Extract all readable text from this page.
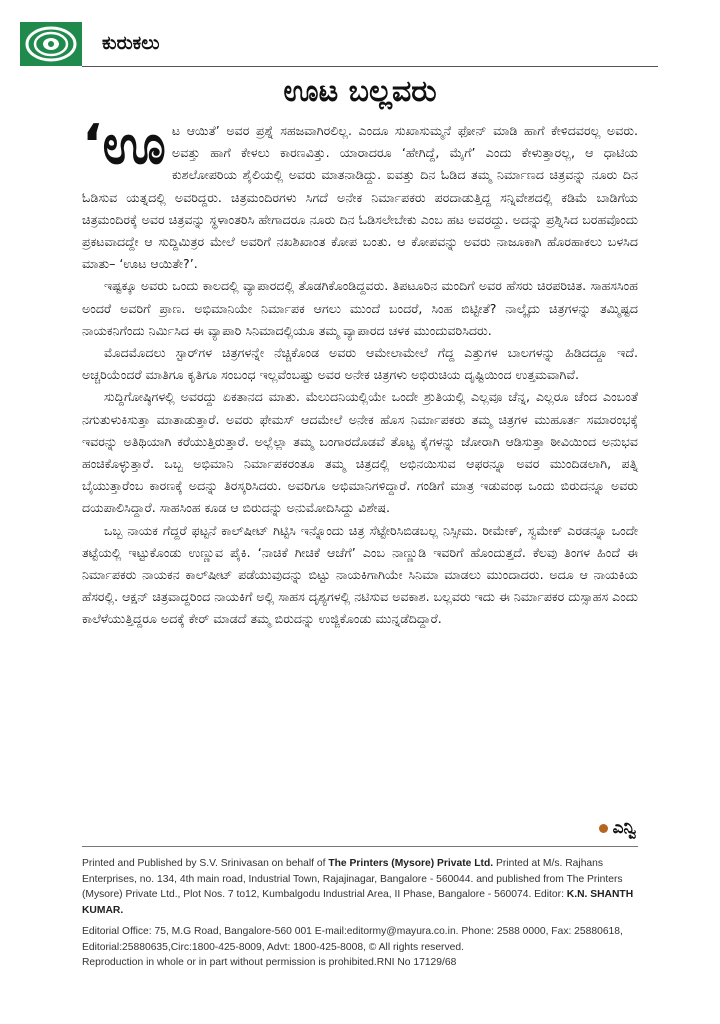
ಕುರುಕಲು
ಊಟ ಬಲ್ಲವರು

‘ಊಟ ಆಯಿತೆ’ ಅವರ ಪ್ರಶ್ನೆ ಸಹಜವಾಗಿರಲಿಲ್ಲ. ಎಂದೂ ಸುಖಾಸುಮ್ಮನೆ ಫೋನ್ ಮಾಡಿ ಹಾಗೆ ಕೇಳಿದವರಲ್ಲ ಅವರು. ಅವತ್ತು ಹಾಗೆ ಕೇಳಲು ಕಾರಣವಿತ್ತು. ಯಾರಾದರೂ ‘ಹೇಗಿದ್ದೆ, ಮೈಗೆ’ ಎಂದು ಕೇಳುತ್ತಾರಲ್ಲ, ಆ ಧಾಟಿಯ ಕುಶಲೋಪರಿಯ ಶೈಲಿಯಲ್ಲಿ ಅವರು ಮಾತನಾಡಿದ್ದು. ಐವತ್ತು ದಿನ ಓಡಿದ ತಮ್ಮ ನಿರ್ಮಾಣದ ಚಿತ್ರವನ್ನು ನೂರು ದಿನ ಓಡಿಸುವ ಯತ್ನದಲ್ಲಿ ಅವರಿದ್ದರು. ಚಿತ್ರಮಂದಿರಗಳು ಸಿಗದೆ ಅನೇಕ ನಿರ್ಮಾಪಕರು ಪರದಾಡುತ್ತಿದ್ದ ಸನ್ನಿವೇಶದಲ್ಲಿ ಕಡಿಮೆ ಬಾಡಿಗೆಯ ಚಿತ್ರಮಂದಿರಕ್ಕೆ ಅವರ ಚಿತ್ರವನ್ನು ಸ್ಥಳಾಂತರಿಸಿ ಹೇಗಾದರೂ ನೂರು ದಿನ ಓಡಿಸಲೇಬೇಕು ಎಂಬ ಹಟ ಅವರದ್ದು. ಅದನ್ನು ಪ್ರಶ್ನಿಸಿದ ಬರಹವೊಂದು ಪ್ರಕಟವಾದದ್ದೇ ಆ ಸುದ್ದಿಮಿತ್ರರ ಮೇಲೆ ಅವರಿಗೆ ನಖಶಿಖಾಂತ ಕೋಪ ಬಂತು. ಆ ಕೋಪವನ್ನು ಅವರು ನಾಜೂಕಾಗಿ ಹೊರಹಾಕಲು ಬಳಸಿದ ಮಾತು– ‘ಊಟ ಆಯಿತೇ?’.

ಇಷ್ಟಕ್ಕೂ ಅವರು ಒಂದು ಕಾಲದಲ್ಲಿ ವ್ಯಾಪಾರದಲ್ಲಿ ತೊಡಗಿಕೊಂಡಿದ್ದವರು. ತಿಪಟೂರಿನ ಮಂದಿಗೆ ಅವರ ಹೆಸರು ಚಿರಪರಿಚಿತ. ಸಾಹಸಸಿಂಹ ಅಂದರೆ ಅವರಿಗೆ ಪ್ರಾಣ. ಅಭಿಮಾನಿಯೇ ನಿರ್ಮಾಪಕ ಆಗಲು ಮುಂದೆ ಬಂದರೆ, ಸಿಂಹ ಬಿಟ್ಟೀತೆ? ನಾಲ್ಕೈದು ಚಿತ್ರಗಳನ್ನು ತಮ್ಮಿಷ್ಟದ ನಾಯಕನಿಗೆಂದು ನಿರ್ಮಿಸಿದ ಈ ವ್ಯಾಪಾರಿ ಸಿನಿಮಾದಲ್ಲಿಯೂ ತಮ್ಮ ವ್ಯಾಪಾರದ ಚಳಕ ಮುಂದುವರಿಸಿದರು.

ಮೊದಮೊದಲು ಸ್ಟಾರ್‌ಗಳ ಚಿತ್ರಗಳನ್ನೇ ನೆಚ್ಚಿಕೊಂಡ ಅವರು ಆಮೇಲಾಮೇಲೆ ಗೆದ್ದ ಎತ್ತುಗಳ ಬಾಲಗಳನ್ನು ಹಿಡಿದದ್ದೂ ಇದೆ. ಅಚ್ಚರಿಯೆಂದರೆ ಮಾತಿಗೂ ಕೃತಿಗೂ ಸಂಬಂಧ ಇಲ್ಲವೆಂಬಷ್ಟು ಅವರ ಅನೇಕ ಚಿತ್ರಗಳು ಅಭಿರುಚಿಯ ದೃಷ್ಟಿಯಿಂದ ಉತ್ತಮವಾಗಿವೆ.

ಸುದ್ದಿಗೋಷ್ಠಿಗಳಲ್ಲಿ ಅವರದ್ದು ಏಕತಾನದ ಮಾತು. ಮೆಲುದನಿಯಲ್ಲಿಯೇ ಒಂದೇ ಶ್ರುತಿಯಲ್ಲಿ ಎಲ್ಲವೂ ಚೆನ್ನ, ಎಲ್ಲರೂ ಚೆಂದ ಎಂಬಂತೆ ನಗುತುಳುಕಿಸುತ್ತಾ ಮಾತಾಡುತ್ತಾರೆ. ಅವರು ಫೇಮಸ್ ಆದಮೇಲೆ ಅನೇಕ ಹೊಸ ನಿರ್ಮಾಪಕರು ತಮ್ಮ ಚಿತ್ರಗಳ ಮುಹೂರ್ತ ಸಮಾರಂಭಕ್ಕೆ ಇವರನ್ನು ಅತಿಥಿಯಾಗಿ ಕರೆಯುತ್ತಿರುತ್ತಾರೆ. ಅಲ್ಲೆಲ್ಲಾ ತಮ್ಮ ಬಂಗಾರದೊಡವೆ ತೊಟ್ಟ ಕೈಗಳನ್ನು ಜೋರಾಗಿ ಆಡಿಸುತ್ತಾ ಠೀವಿಯಿಂದ ಅನುಭವ ಹಂಚಿಕೊಳ್ಳುತ್ತಾರೆ. ಒಬ್ಬ ಅಭಿಮಾನಿ ನಿರ್ಮಾಪಕರಂತೂ ತಮ್ಮ ಚಿತ್ರದಲ್ಲಿ ಅಭಿನಯಿಸುವ ಆಫರನ್ನೂ ಅವರ ಮುಂದಿಡಲಾಗಿ, ಪತ್ನಿ ಬೈಯುತ್ತಾರೆಂಬ ಕಾರಣಕ್ಕೆ ಅದನ್ನು ತಿರಸ್ಕರಿಸಿದರು. ಅವರಿಗೂ ಅಭಿಮಾನಿಗಳಿದ್ದಾರೆ. ಗಂಡಿಗೆ ಮಾತ್ರ ಇಡುವಂಥ ಒಂದು ಬಿರುದನ್ನೂ ಅವರು ದಯಪಾಲಿಸಿದ್ದಾರೆ. ಸಾಹಸಿಂಹ ಕೂಡ ಆ ಬಿರುದನ್ನು ಅನುಮೋದಿಸಿದ್ದು ವಿಶೇಷ.

ಒಬ್ಬ ನಾಯಕ ಗೆದ್ದರೆ ಫಟ್ಟನೆ ಕಾಲ್‌ಷೀಟ್ ಗಿಟ್ಟಿಸಿ ಇನ್ನೊಂದು ಚಿತ್ರ ಸೆಟ್ಟೇರಿಸಿಬಿಡಬಲ್ಲ ನಿಸ್ಸೀಮ. ರೀಮೇಕ್, ಸ್ವಮೇಕ್ ಎರಡನ್ನೂ ಒಂದೇ ತಟ್ಟೆಯಲ್ಲಿ ಇಟ್ಟುಕೊಂಡು ಉಣ್ಣುವ ಪೈಕಿ. ‘ನಾಚಿಕೆ ಗೀಚಿಕೆ ಆಚೆಗೆ’ ಎಂಬ ನಾಣ್ಣುಡಿ ಇವರಿಗೆ ಹೊಂದುತ್ತದೆ. ಕೆಲವು ತಿಂಗಳ ಹಿಂದೆ ಈ ನಿರ್ಮಾಪಕರು ನಾಯಕನ ಕಾಲ್‌ಷೀಟ್ ಪಡೆಯುವುದನ್ನು ಬಿಟ್ಟು ನಾಯಕಿಗಾಗಿಯೇ ಸಿನಿಮಾ ಮಾಡಲು ಮುಂದಾದರು. ಅದೂ ಆ ನಾಯಕಿಯ ಹೆಸರಲ್ಲಿ. ಆಕ್ಷನ್ ಚಿತ್ರವಾದ್ದರಿಂದ ನಾಯಕಿಗೆ ಅಲ್ಲಿ ಸಾಹಸ ದೃಶ್ಯಗಳಲ್ಲಿ ನಟಿಸುವ ಅವಕಾಶ. ಬಲ್ಲವರು ಇದು ಈ ನಿರ್ಮಾಪಕರ ದುಸ್ಸಾಹಸ ಎಂದು ಕಾಲೆಳೆಯುತ್ತಿದ್ದರೂ ಅದಕ್ಕೆ ಕೇರ್ ಮಾಡದೆ ತಮ್ಮ ಬಿರುದನ್ನು ಉಜ್ಜಿಕೊಂಡು ಮುನ್ನಡೆದಿದ್ದಾರೆ.

ಎನ್ವಿ

Printed and Published by S.V. Srinivasan on behalf of The Printers (Mysore) Private Ltd. Printed at M/s. Rajhans Enterprises, no. 134, 4th main road, Industrial Town, Rajajinagar, Bangalore - 560044. and published from The Printers (Mysore) Private Ltd., Plot Nos. 7 to12, Kumbalgodu Industrial Area, II Phase, Bangalore - 560074. Editor: K.N. SHANTH KUMAR.

Editorial Office: 75, M.G Road, Bangalore-560 001 E-mail:editormy@mayura.co.in. Phone: 2588 0000, Fax: 25880618, Editorial:25880635,Circ:1800-425-8009, Advt: 1800-425-8008, © All rights reserved.

Reproduction in whole or in part without permission is prohibited.RNI No 17129/68
